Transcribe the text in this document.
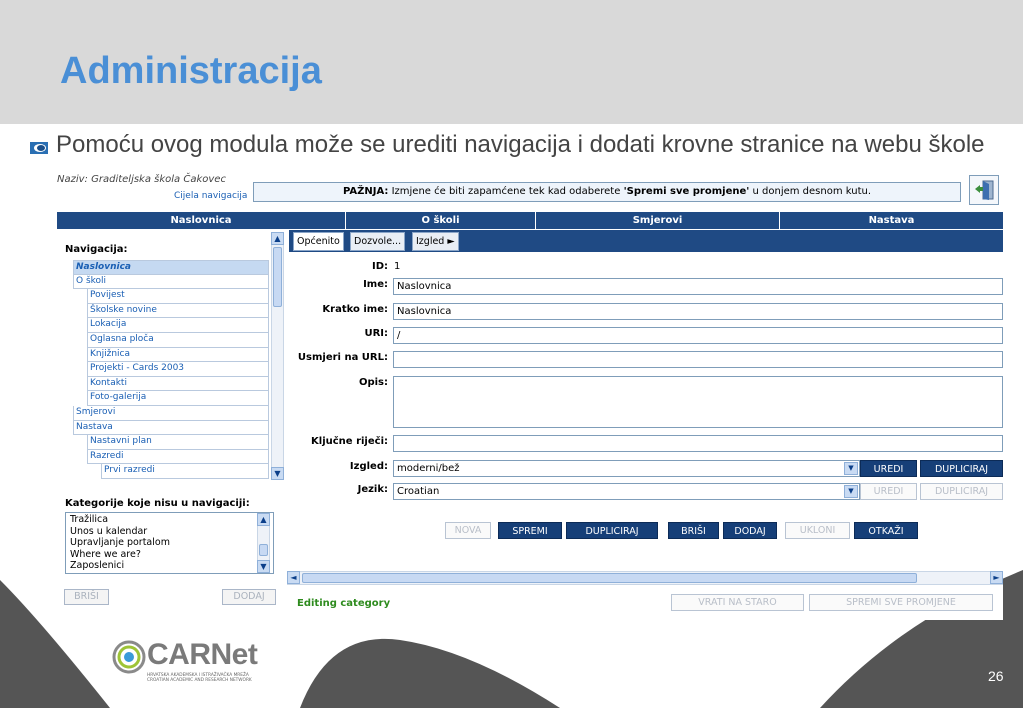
Administracija
Pomoću ovog modula može se urediti navigacija i dodati krovne stranice na webu škole
Naziv: Graditeljska škola Čakovec
Cijela navigacija	PAŽNJA: Izmjene će biti zapamćene tek kad odaberete 'Spremi sve promjene' u donjem desnom kutu.
Naslovnica	O školi	Smjerovi	Nastava
Navigacija:
Naslovnica
O školi
Povijest
Školske novine
Lokacija
Oglasna ploča
Knjižnica
Projekti - Cards 2003
Kontakti
Foto-galerija
Smjerovi
Nastava
Nastavni plan
Razredi
Prvi razredi
▲
▼
Kategorije koje nisu u navigaciji:
Tražilica
Unos u kalendar
Upravljanje portalom
Where we are?
Zaposlenici
▲
▼
BRIŠI	DODAJ
Općenito	Dozvole...	Izgled ►
ID: 1
Ime: Naslovnica
Kratko ime: Naslovnica
URI: /
Usmjeri na URL:
Opis:
Ključne riječi:
Izgled: moderni/bež	▼	UREDI	DUPLICIRAJ
Jezik: Croatian	▼	UREDI	DUPLICIRAJ
NOVA	SPREMI	DUPLICIRAJ	BRIŠI	DODAJ	UKLONI	OTKAŽI
◄	►
Editing category	VRATI NA STARO	SPREMI SVE PROMJENE
CARNet
HRVATSKA AKADEMSKA I ISTRAŽIVAČKA MREŽA
CROATIAN ACADEMIC AND RESEARCH NETWORK	26
